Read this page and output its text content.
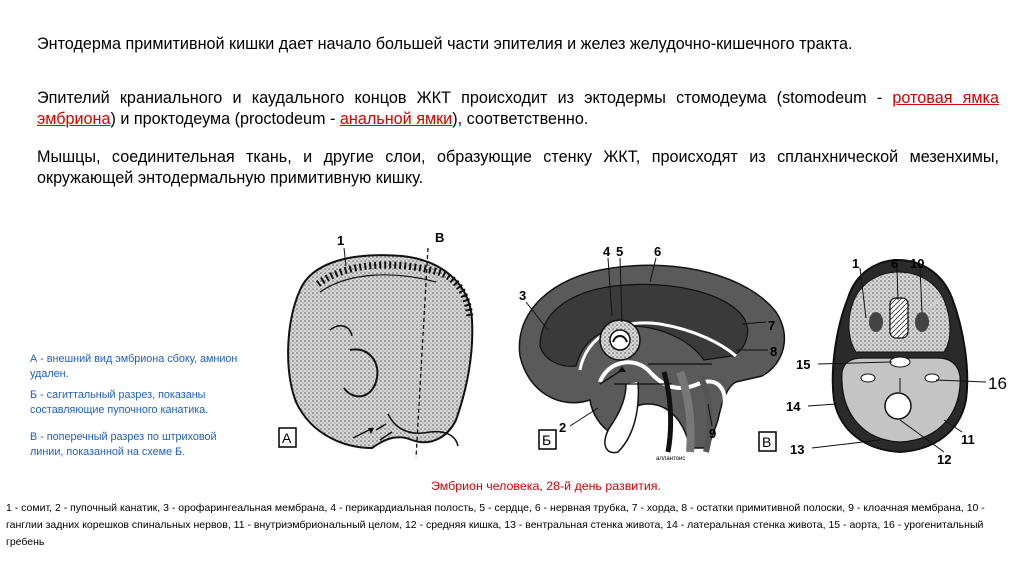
Энтодерма примитивной кишки дает начало большей части эпителия и желез желудочно-кишечного тракта.
Эпителий краниального и каудального концов ЖКТ происходит из эктодермы стомодеума (stomodeum - ротовая ямка эмбриона) и проктодеума (proctodeum - анальной ямки), соответственно.
Мышцы, соединительная ткань, и другие слои, образующие стенку ЖКТ, происходят из спланхнической мезенхимы, окружающей энтодермальную примитивную кишку.
А - внешний вид эмбриона сбоку, амнион удален.
Б - сагиттальный разрез, показаны составляющие пупочного канатика.
В - поперечный разрез по штриховой линии, показанной на схеме Б.
1	В
А
3
4 5 6
7
8
9
2
аллантоис
Б
1 6 10
15
16
14
11
13
12
В
Эмбрион человека, 28-й день развития.
1 - сомит, 2 - пупочный канатик, 3 - орофарингеальная мембрана, 4 - перикардиальная полость, 5 - сердце, 6 - нервная трубка, 7 - хорда, 8 - остатки примитивной полоски, 9 - клоачная мембрана, 10 - ганглии задних корешков спинальных нервов, 11 - внутриэмбриональный целом, 12 - средняя кишка, 13 - вентральная стенка живота, 14 - латеральная стенка живота, 15 - аорта, 16 - урогенитальный гребень
